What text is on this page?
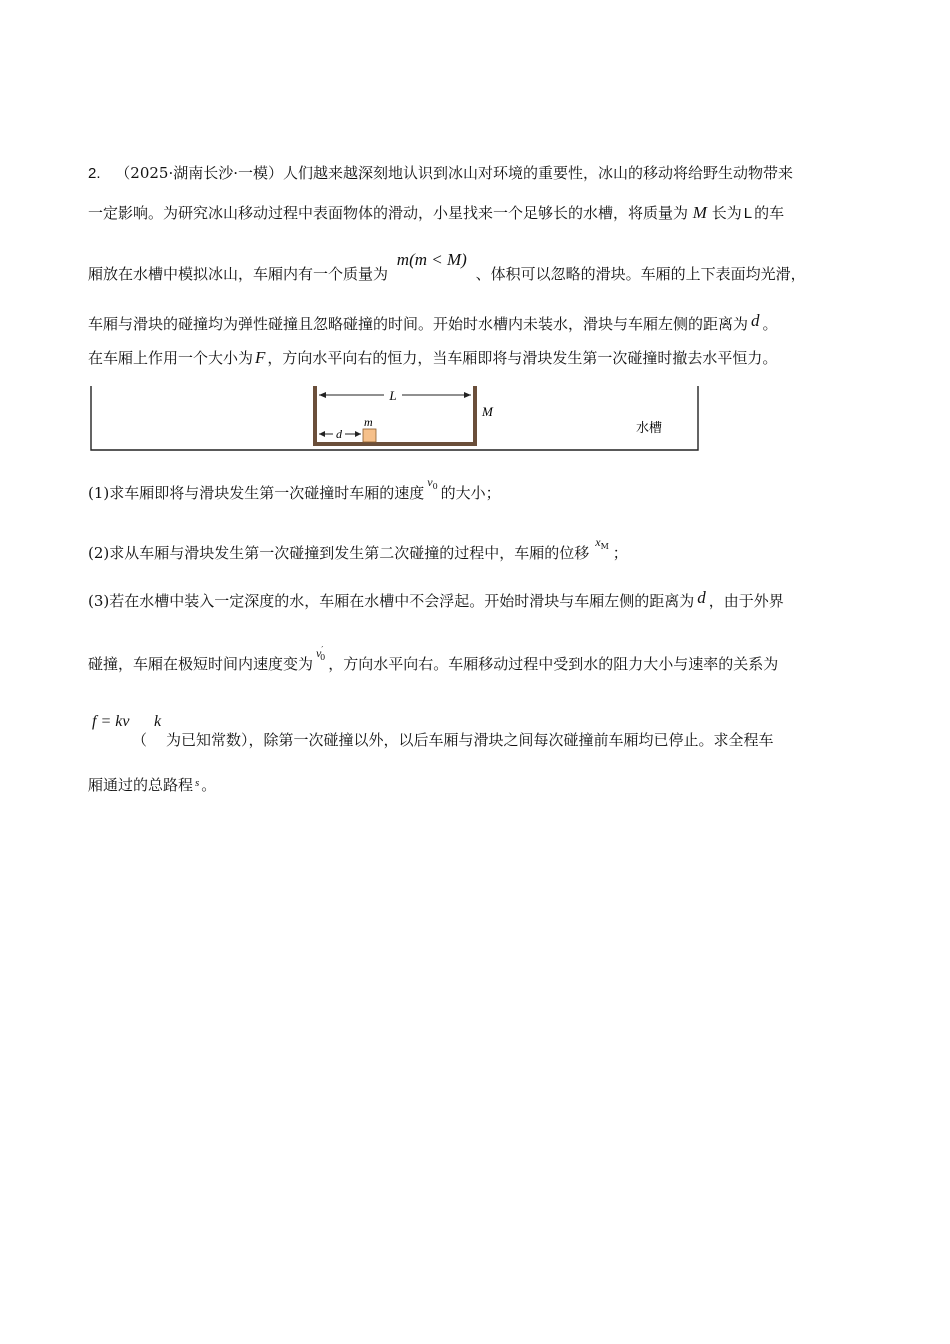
2. （2025·湖南长沙·一模）人们越来越深刻地认识到冰山对环境的重要性，冰山的移动将给野生动物带来
一定影响。为研究冰山移动过程中表面物体的滑动，小星找来一个足够长的水槽，将质量为 M 长为 L 的车
厢放在水槽中模拟冰山，车厢内有一个质量为 m(m < M) 、体积可以忽略的滑块。车厢的上下表面均光滑，
车厢与滑块的碰撞均为弹性碰撞且忽略碰撞的时间。开始时水槽内未装水，滑块与车厢左侧的距离为 d 。
在车厢上作用一个大小为 F ，方向水平向右的恒力，当车厢即将与滑块发生第一次碰撞时撤去水平恒力。
L
M
m
d	水槽
(1)求车厢即将与滑块发生第一次碰撞时车厢的速度$v_0$ 的大小；
(2)求从车厢与滑块发生第一次碰撞到发生第二次碰撞的过程中，车厢的位移$x_M$ ；
(3)若在水槽中装入一定深度的水，车厢在水槽中不会浮起。开始时滑块与车厢左侧的距离为 d ，由于外界
碰撞，车厢在极短时间内速度变为$v'_0$ ，方向水平向右。车厢移动过程中受到水的阻力大小与速率的关系为
f = kv
（
k
为已知常数），除第一次碰撞以外，以后车厢与滑块之间每次碰撞前车厢均已停止。求全程车
厢通过的总路程 $^s$ 。
